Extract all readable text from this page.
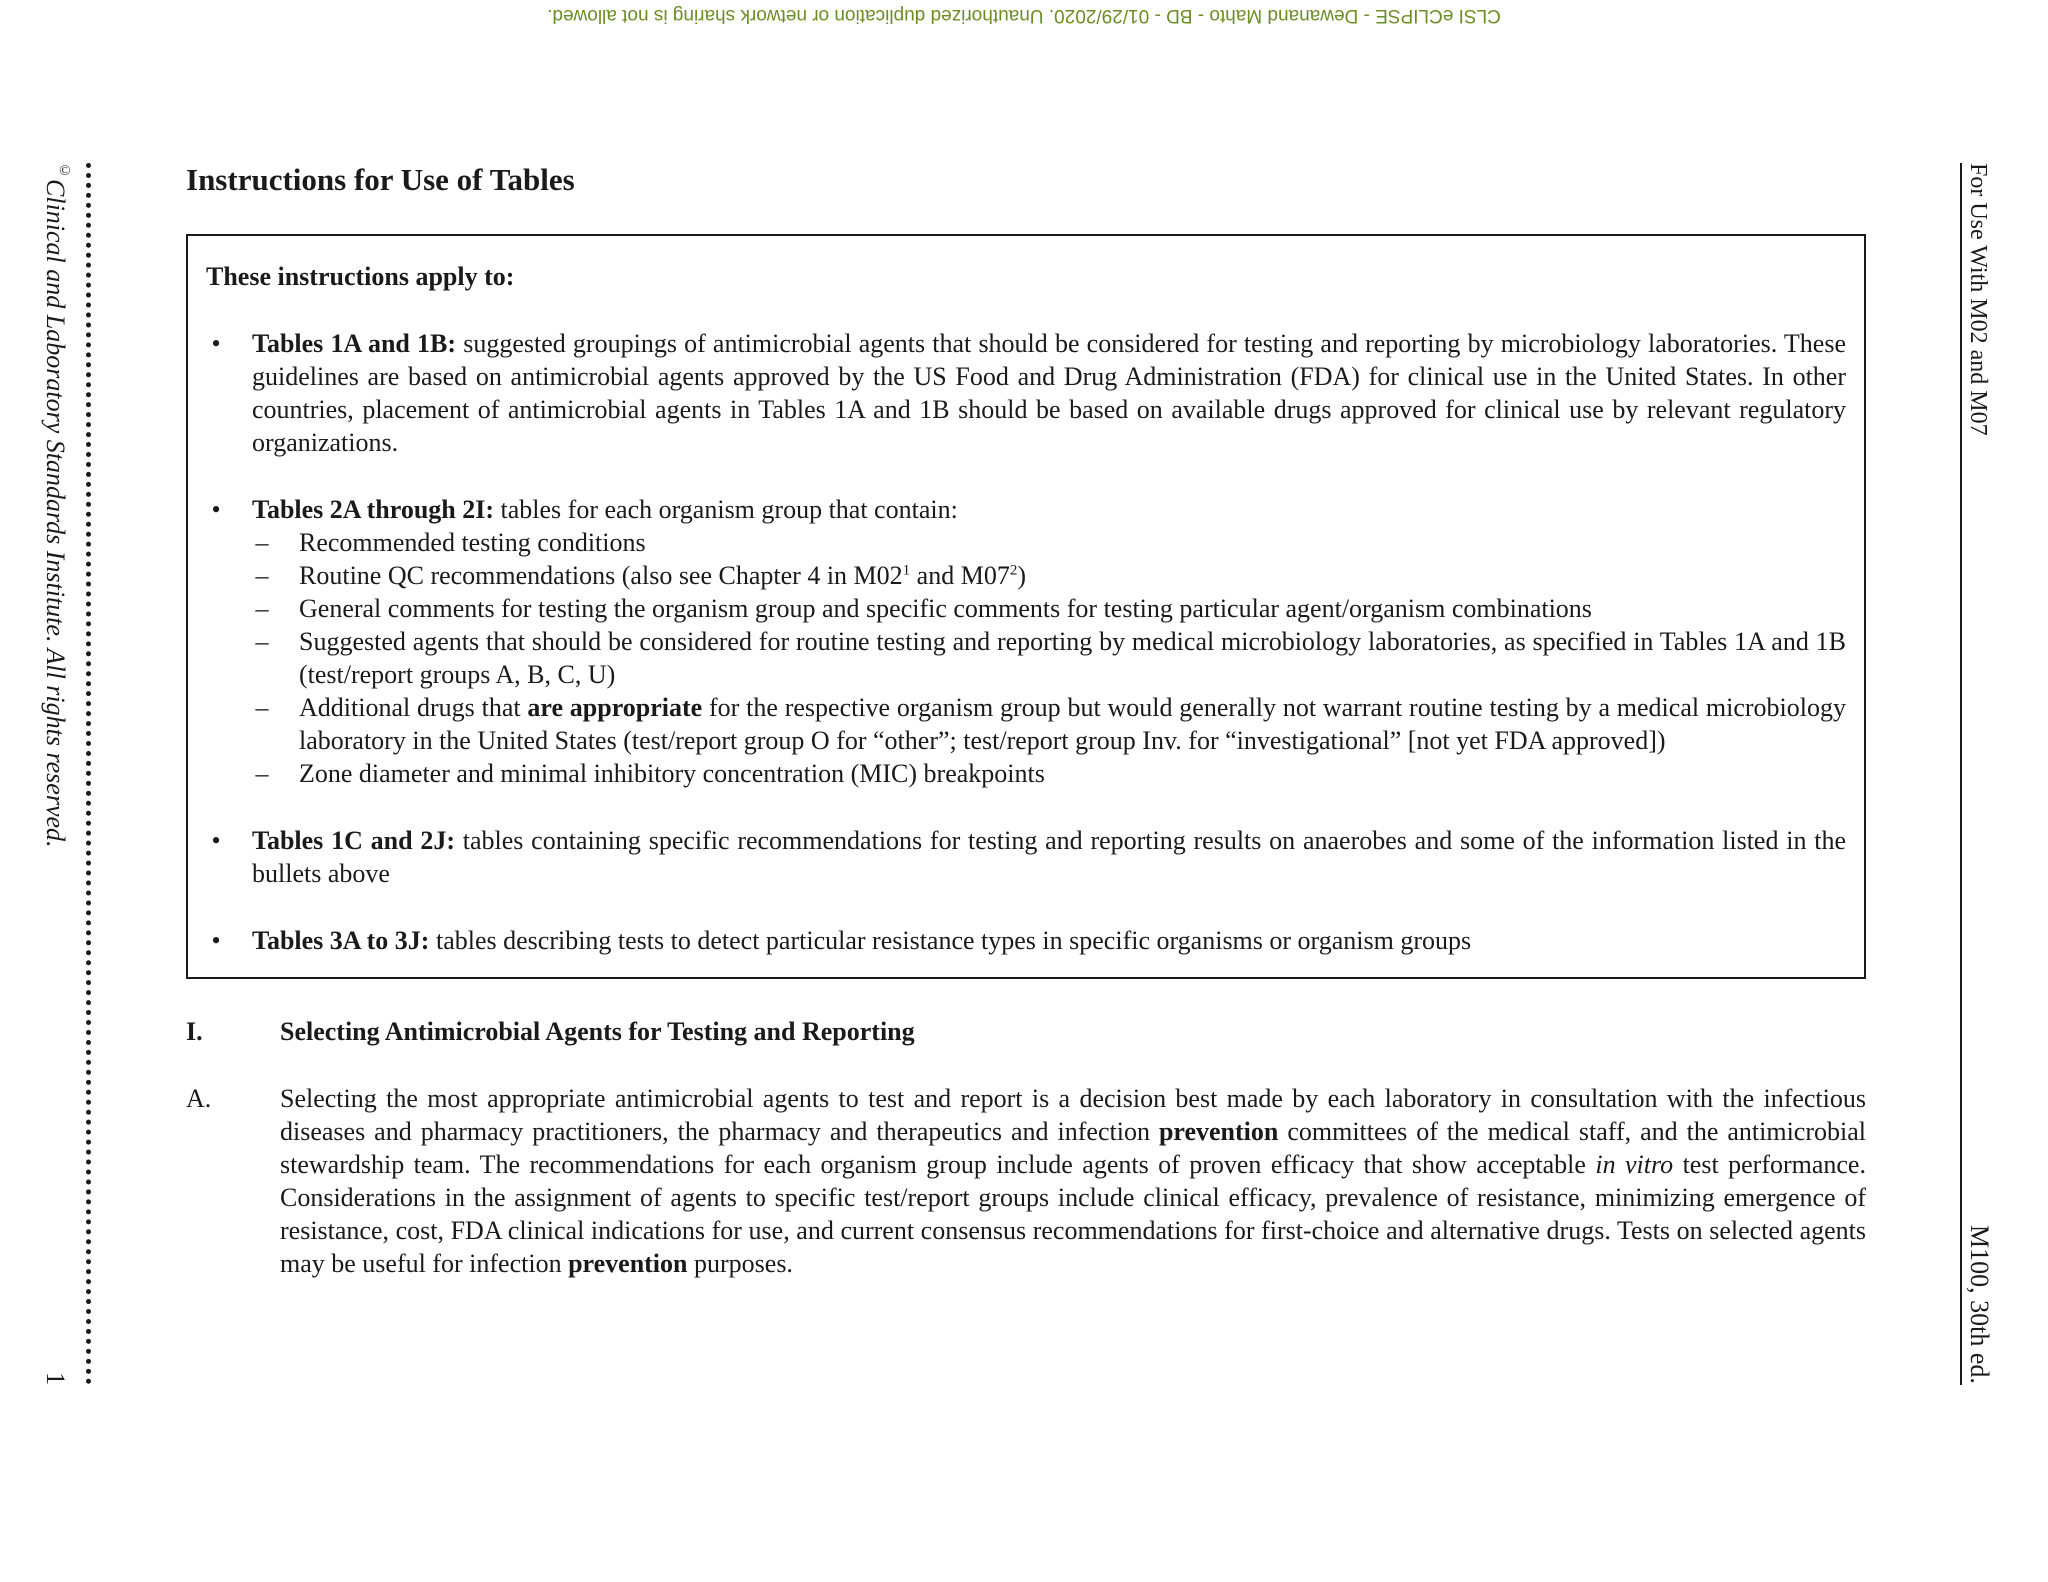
CLSI eCLIPSE - Dewanand Mahto - BD - 01/29/2020. Unauthorized duplication or network sharing is not allowed.
©Clinical and Laboratory Standards Institute. All rights reserved.
1
For Use With M02 and M07
M100, 30th ed.
Instructions for Use of Tables
These instructions apply to:
• Tables 1A and 1B: suggested groupings of antimicrobial agents that should be considered for testing and reporting by microbiology laboratories. These guidelines are based on antimicrobial agents approved by the US Food and Drug Administration (FDA) for clinical use in the United States. In other countries, placement of antimicrobial agents in Tables 1A and 1B should be based on available drugs approved for clinical use by relevant regulatory organizations.
• Tables 2A through 2I: tables for each organism group that contain:
– Recommended testing conditions
– Routine QC recommendations (also see Chapter 4 in $M02^1$ and $M07^2$)
– General comments for testing the organism group and specific comments for testing particular agent/organism combinations
– Suggested agents that should be considered for routine testing and reporting by medical microbiology laboratories, as specified in Tables 1A and 1B (test/report groups A, B, C, U)
– Additional drugs that are appropriate for the respective organism group but would generally not warrant routine testing by a medical microbiology laboratory in the United States (test/report group O for “other”; test/report group Inv. for “investigational” [not yet FDA approved])
– Zone diameter and minimal inhibitory concentration (MIC) breakpoints
• Tables 1C and 2J: tables containing specific recommendations for testing and reporting results on anaerobes and some of the information listed in the bullets above
• Tables 3A to 3J: tables describing tests to detect particular resistance types in specific organisms or organism groups
I.	Selecting Antimicrobial Agents for Testing and Reporting
A.	Selecting the most appropriate antimicrobial agents to test and report is a decision best made by each laboratory in consultation with the infectious diseases and pharmacy practitioners, the pharmacy and therapeutics and infection prevention committees of the medical staff, and the antimicrobial stewardship team. The recommendations for each organism group include agents of proven efficacy that show acceptable in vitro test performance. Considerations in the assignment of agents to specific test/report groups include clinical efficacy, prevalence of resistance, minimizing emergence of resistance, cost, FDA clinical indications for use, and current consensus recommendations for first-choice and alternative drugs. Tests on selected agents may be useful for infection prevention purposes.
